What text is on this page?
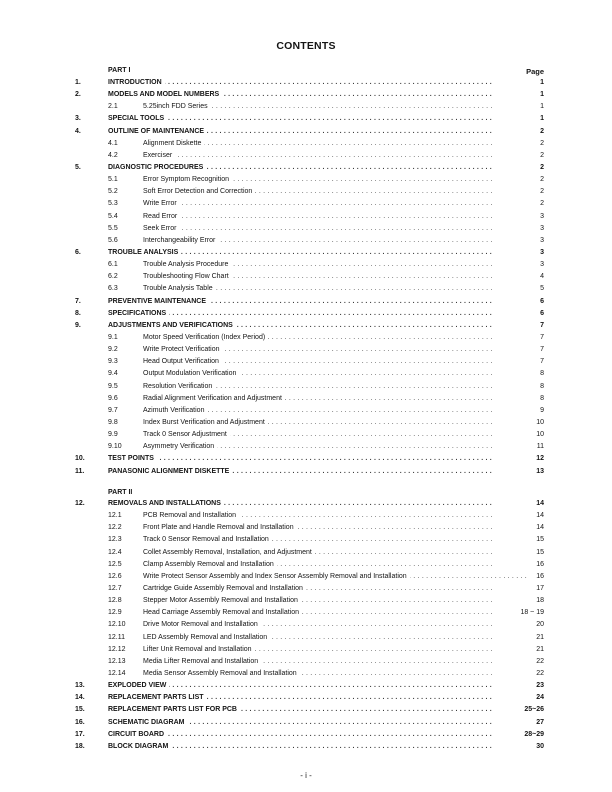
CONTENTS
PART I	Page
1.	INTRODUCTION . . .	1
2.	MODELS AND MODEL NUMBERS . . .	1
2.1	5.25inch FDD Series . . .	1
3.	SPECIAL TOOLS . . .	1
4.	OUTLINE OF MAINTENANCE . . .	2
4.1	Alignment Diskette . . .	2
4.2	Exerciser . . .	2
5.	DIAGNOSTIC PROCEDURES . . .	2
5.1	Error Symptom Recognition . . .	2
5.2	Soft Error Detection and Correction . . .	2
5.3	Write Error . . .	2
5.4	Read Error . . .	3
5.5	Seek Error . . .	3
5.6	Interchangeability Error . . .	3
6.	TROUBLE ANALYSIS . . .	3
6.1	Trouble Analysis Procedure . . .	3
6.2	Troubleshooting Flow Chart . . .	4
6.3	Trouble Analysis Table . . .	5
7.	PREVENTIVE MAINTENANCE . . .	6
8.	SPECIFICATIONS . . .	6
9.	ADJUSTMENTS AND VERIFICATIONS . . .	7
9.1	Motor Speed Verification (Index Period) . . .	7
9.2	Write Protect Verification . . .	7
9.3	Head Output Verification . . .	7
9.4	Output Modulation Verification . . .	8
9.5	Resolution Verification . . .	8
9.6	Radial Alignment Verification and Adjustment . . .	8
9.7	Azimuth Verification . . .	9
9.8	Index Burst Verification and Adjustment . . .	10
9.9	Track 0 Sensor Adjustment . . .	10
9.10	Asymmetry Verification . . .	11
10.	TEST POINTS . . .	12
11.	PANASONIC ALIGNMENT DISKETTE . . .	13
PART II
12.	REMOVALS AND INSTALLATIONS . . .	14
12.1	PCB Removal and Installation . . .	14
12.2	Front Plate and Handle Removal and Installation . . .	14
12.3	Track 0 Sensor Removal and Installation . . .	15
12.4	Collet Assembly Removal, Installation, and Adjustment . . .	15
12.5	Clamp Assembly Removal and Installation . . .	16
12.6	Write Protect Sensor Assembly and Index Sensor Assembly Removal and Installation . . .	16
12.7	Cartridge Guide Assembly Removal and Installation . . .	17
12.8	Stepper Motor Assembly Removal and Installation . . .	18
12.9	Head Carriage Assembly Removal and Installation . . .	18 ~ 19
12.10 Drive Motor Removal and Installation . . .	20
12.11	LED Assembly Removal and Installation . . .	21
12.12 Lifter Unit Removal and Installation . . .	21
12.13 Media Lifter Removal and Installation . . .	22
12.14 Media Sensor Assembly Removal and Installation . . .	22
13.	EXPLODED VIEW . . .	23
14.	REPLACEMENT PARTS LIST . . .	24
15.	REPLACEMENT PARTS LIST FOR PCB . . .	25~26
16.	SCHEMATIC DIAGRAM . . .	27
17.	CIRCUIT BOARD . . .	28~29
18.	BLOCK DIAGRAM . . .	30
- i -
